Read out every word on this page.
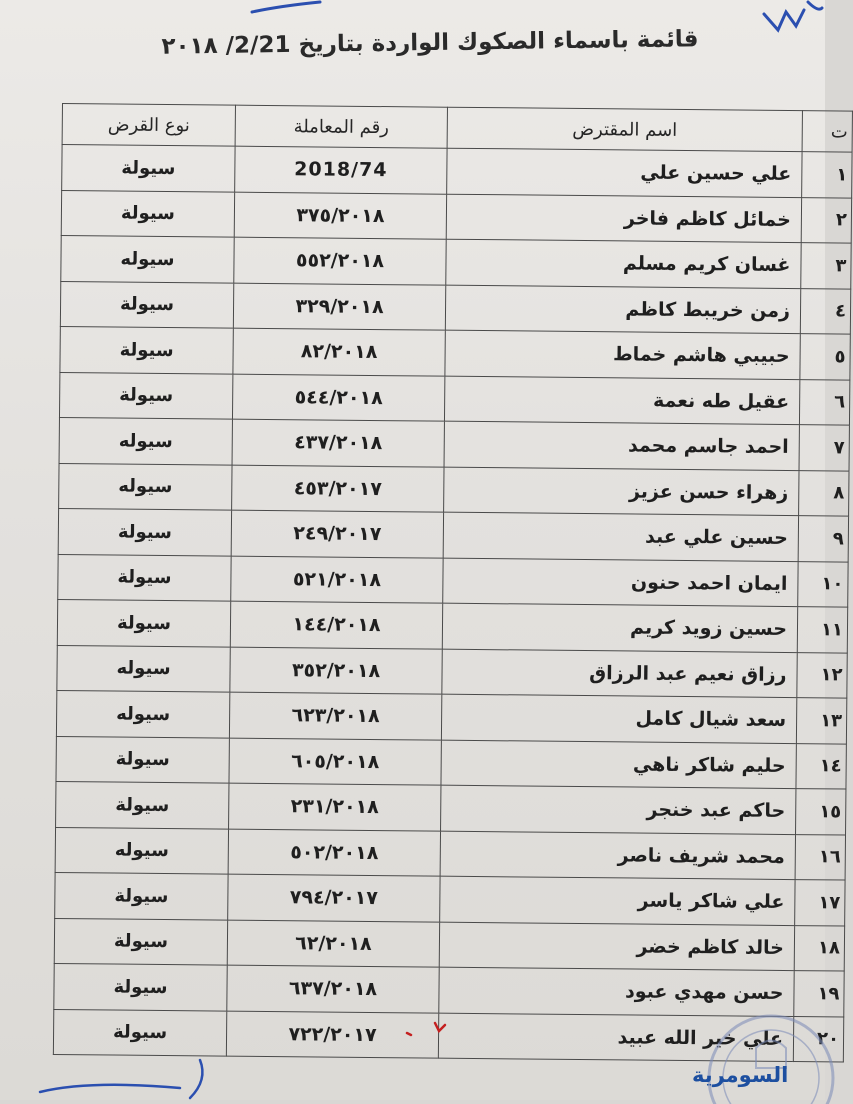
قائمة باسماء الصكوك الواردة بتاريخ 2/21/ ٢٠١٨
ت	اسم المقترض	رقم المعاملة	نوع القرض
١	علي حسين علي	2018/74	سيولة
٢	خمائل كاظم فاخر	٣٧٥/٢٠١٨	سيولة
٣	غسان كريم مسلم	٥٥٢/٢٠١٨	سيوله
٤	زمن خريبط كاظم	٣٢٩/٢٠١٨	سيولة
٥	حبيبي هاشم خماط	٨٢/٢٠١٨	سيولة
٦	عقيل طه نعمة	٥٤٤/٢٠١٨	سيولة
٧	احمد جاسم محمد	٤٣٧/٢٠١٨	سيوله
٨	زهراء حسن عزيز	٤٥٣/٢٠١٧	سيوله
٩	حسين علي عبد	٢٤٩/٢٠١٧	سيولة
١٠	ايمان احمد حنون	٥٢١/٢٠١٨	سيولة
١١	حسين زويد كريم	١٤٤/٢٠١٨	سيولة
١٢	رزاق نعيم عبد الرزاق	٣٥٢/٢٠١٨	سيوله
١٣	سعد شيال كامل	٦٢٣/٢٠١٨	سيوله
١٤	حليم شاكر ناهي	٦٠٥/٢٠١٨	سيولة
١٥	حاكم عبد خنجر	٢٣١/٢٠١٨	سيولة
١٦	محمد شريف ناصر	٥٠٢/٢٠١٨	سيوله
١٧	علي شاكر ياسر	٧٩٤/٢٠١٧	سيولة
١٨	خالد كاظم خضر	٦٢/٢٠١٨	سيولة
١٩	حسن مهدي عبود	٦٣٧/٢٠١٨	سيولة
٢٠	علي خير الله عبيد	٧٢٢/٢٠١٧	سيولة
السومرية
